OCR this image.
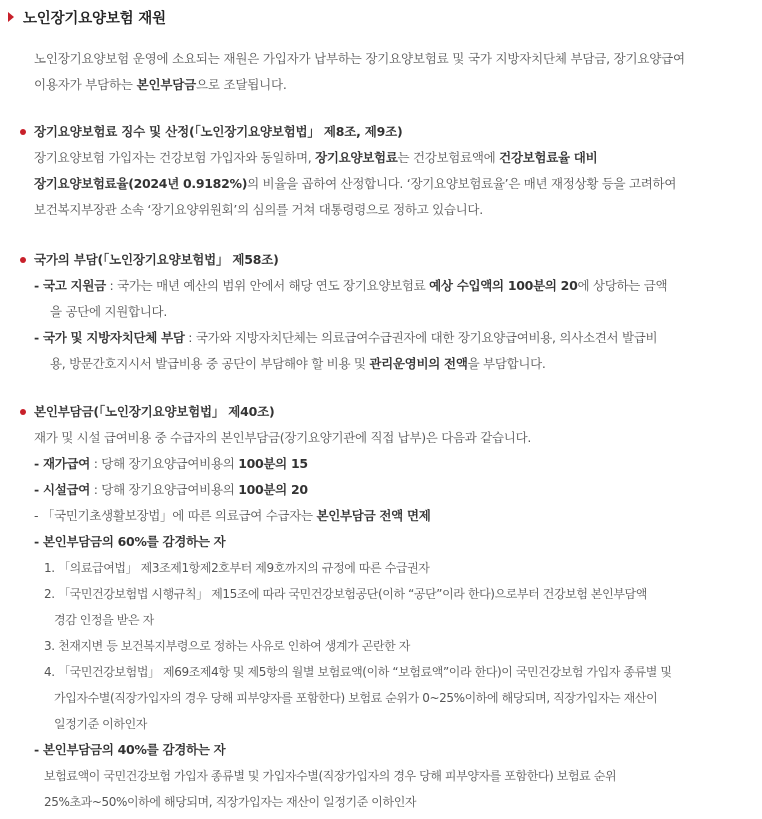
노인장기요양보험 재원
노인장기요양보험 운영에 소요되는 재원은 가입자가 납부하는 장기요양보험료 및 국가 지방자치단체 부담금, 장기요양급여
이용자가 부담하는 본인부담금으로 조달됩니다.
장기요양보험료 징수 및 산정(「노인장기요양보험법」 제8조, 제9조)
장기요양보험 가입자는 건강보험 가입자와 동일하며, 장기요양보험료는 건강보험료액에 건강보험료율 대비
장기요양보험료율(2024년 0.9182%)의 비율을 곱하여 산정합니다. ‘장기요양보험료율’은 매년 재정상황 등을 고려하여
보건복지부장관 소속 ‘장기요양위원회’의 심의를 거쳐 대통령령으로 정하고 있습니다.
국가의 부담(「노인장기요양보험법」 제58조)
- 국고 지원금 : 국가는 매년 예산의 범위 안에서 해당 연도 장기요양보험료 예상 수입액의 100분의 20에 상당하는 금액
을 공단에 지원합니다.
- 국가 및 지방자치단체 부담 : 국가와 지방자치단체는 의료급여수급권자에 대한 장기요양급여비용, 의사소견서 발급비
용, 방문간호지시서 발급비용 중 공단이 부담해야 할 비용 및 관리운영비의 전액을 부담합니다.
본인부담금(「노인장기요양보험법」 제40조)
재가 및 시설 급여비용 중 수급자의 본인부담금(장기요양기관에 직접 납부)은 다음과 같습니다.
- 재가급여 : 당해 장기요양급여비용의 100분의 15
- 시설급여 : 당해 장기요양급여비용의 100분의 20
- 「국민기초생활보장법」에 따른 의료급여 수급자는 본인부담금 전액 면제
- 본인부담금의 60%를 감경하는 자
1. 「의료급여법」 제3조제1항제2호부터 제9호까지의 규정에 따른 수급권자
2. 「국민건강보험법 시행규칙」 제15조에 따라 국민건강보험공단(이하 “공단”이라 한다)으로부터 건강보험 본인부담액
경감 인정을 받은 자
3. 천재지변 등 보건복지부령으로 정하는 사유로 인하여 생계가 곤란한 자
4. 「국민건강보험법」 제69조제4항 및 제5항의 월별 보험료액(이하 “보험료액”이라 한다)이 국민건강보험 가입자 종류별 및
가입자수별(직장가입자의 경우 당해 피부양자를 포함한다) 보험료 순위가 0~25%이하에 해당되며, 직장가입자는 재산이
일정기준 이하인자
- 본인부담금의 40%를 감경하는 자
보험료액이 국민건강보험 가입자 종류별 및 가입자수별(직장가입자의 경우 당해 피부양자를 포함한다) 보험료 순위
25%초과~50%이하에 해당되며, 직장가입자는 재산이 일정기준 이하인자
